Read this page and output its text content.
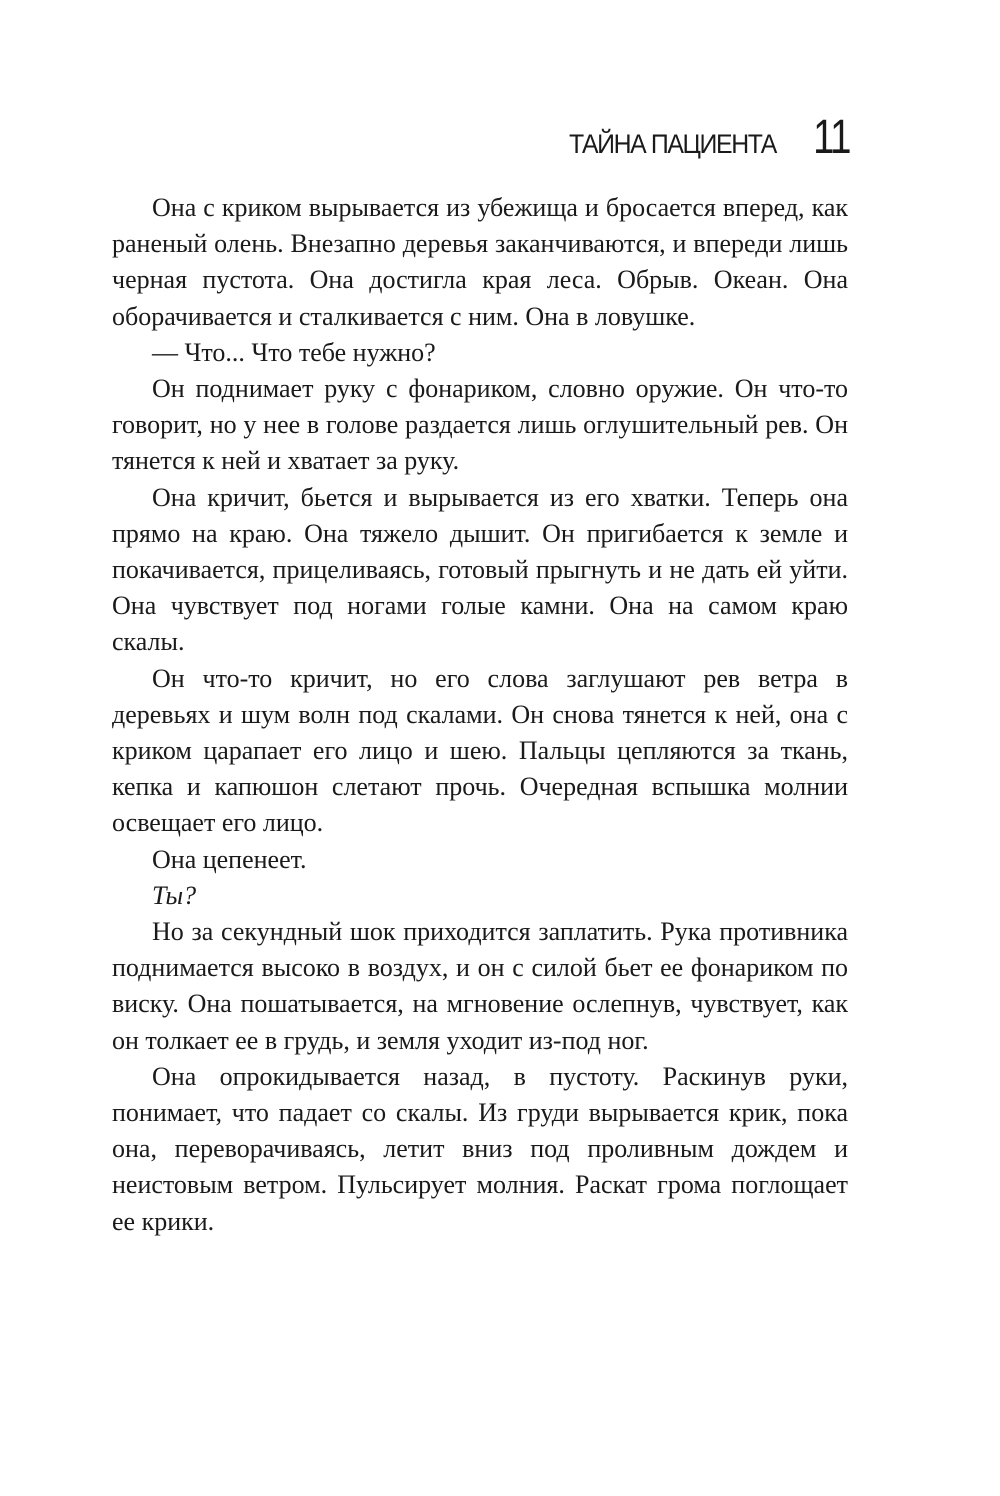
ТАЙНА ПАЦИЕНТА 11

Она с криком вырывается из убежища и бросается вперед, как раненый олень. Внезапно деревья заканчиваются, и впереди лишь черная пустота. Она достигла края леса. Обрыв. Океан. Она оборачивается и сталкивается с ним. Она в ловушке.

— Что... Что тебе нужно?

Он поднимает руку с фонариком, словно оружие. Он что-то говорит, но у нее в голове раздается лишь оглушительный рев. Он тянется к ней и хватает за руку.

Она кричит, бьется и вырывается из его хватки. Теперь она прямо на краю. Она тяжело дышит. Он пригибается к земле и покачивается, прицеливаясь, готовый прыгнуть и не дать ей уйти. Она чувствует под ногами голые камни. Она на самом краю скалы.

Он что-то кричит, но его слова заглушают рев ветра в деревьях и шум волн под скалами. Он снова тянется к ней, она с криком царапает его лицо и шею. Пальцы цепляются за ткань, кепка и капюшон слетают прочь. Очередная вспышка молнии освещает его лицо.

Она цепенеет.

Ты?

Но за секундный шок приходится заплатить. Рука противника поднимается высоко в воздух, и он с силой бьет ее фонариком по виску. Она пошатывается, на мгновение ослепнув, чувствует, как он толкает ее в грудь, и земля уходит из-под ног.

Она опрокидывается назад, в пустоту. Раскинув руки, понимает, что падает со скалы. Из груди вырывается крик, пока она, переворачиваясь, летит вниз под проливным дождем и неистовым ветром. Пульсирует молния. Раскат грома поглощает ее крики.
